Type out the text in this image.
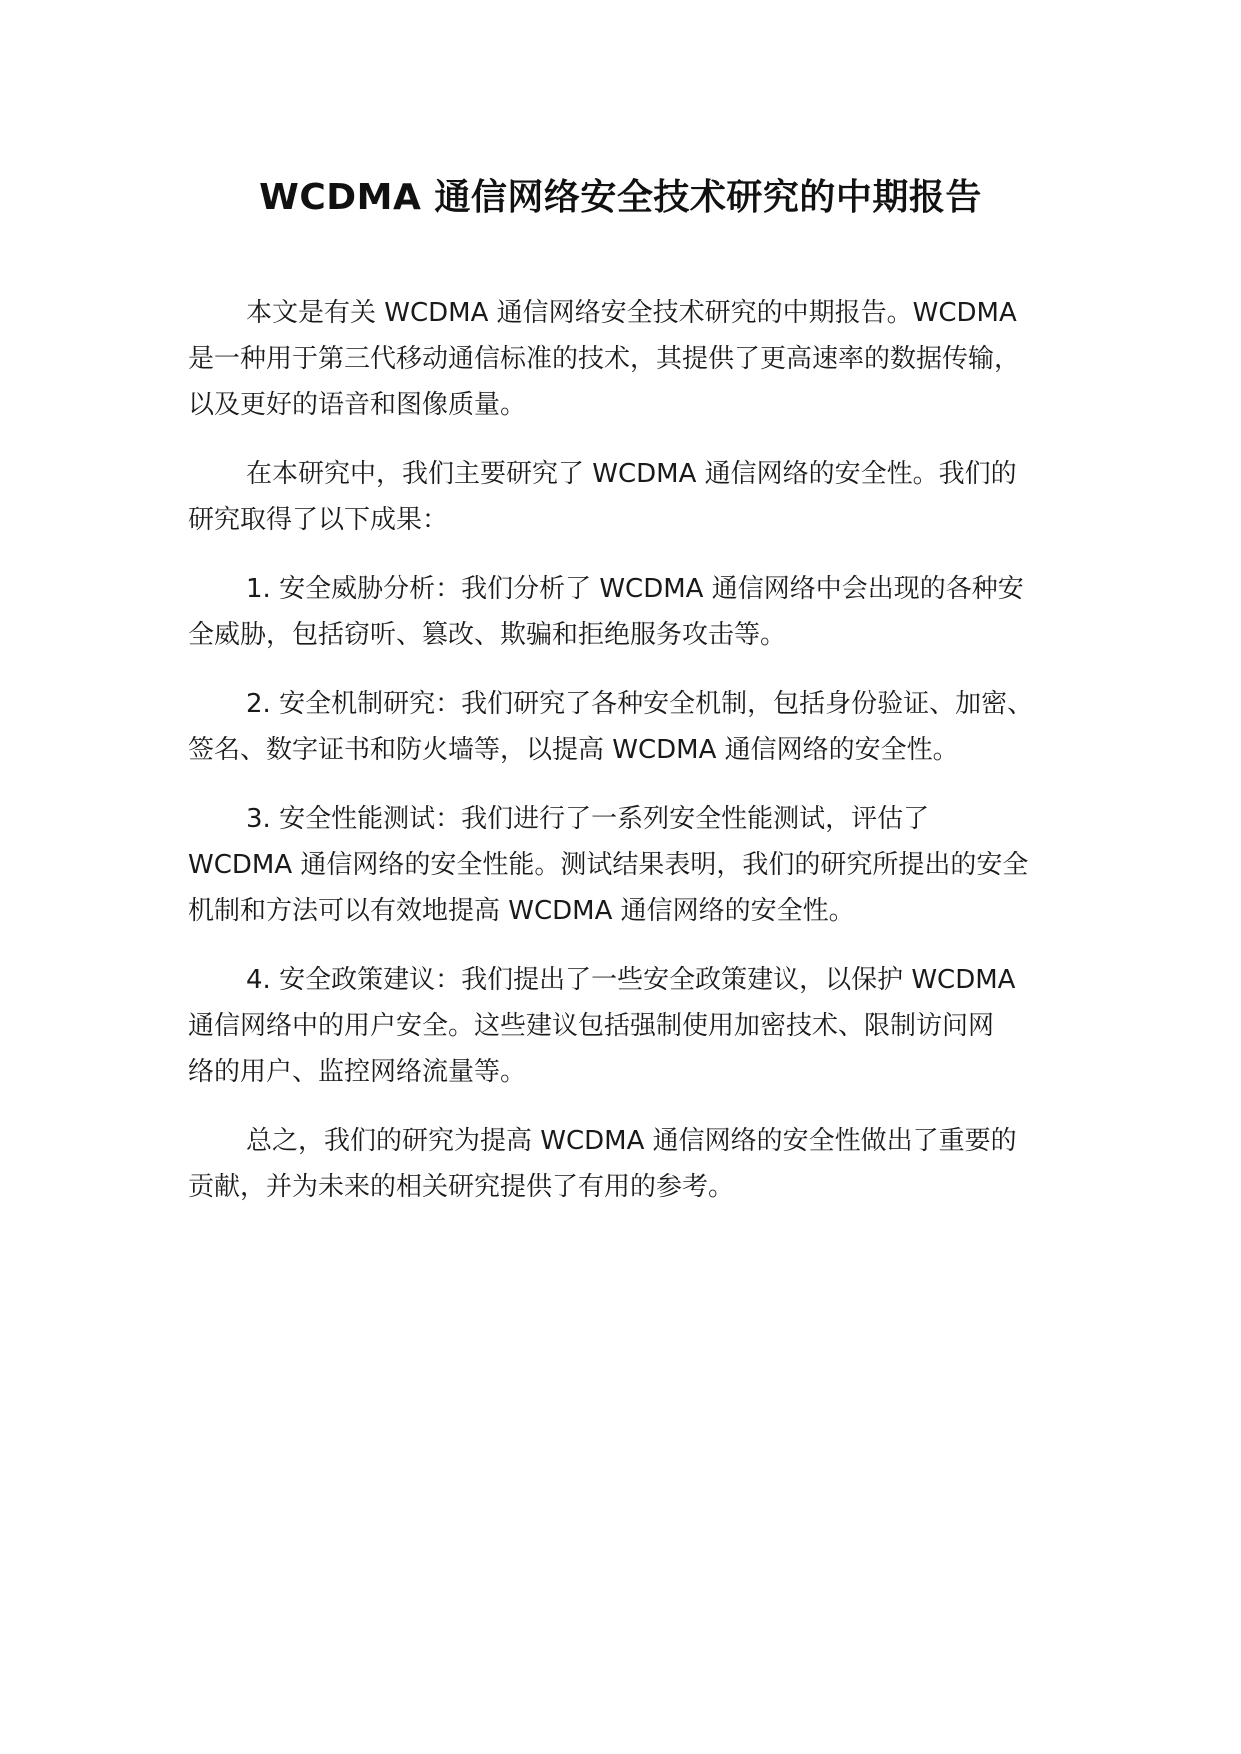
WCDMA 通信网络安全技术研究的中期报告

本文是有关 WCDMA 通信网络安全技术研究的中期报告。WCDMA
是一种用于第三代移动通信标准的技术，其提供了更高速率的数据传输，
以及更好的语音和图像质量。

在本研究中，我们主要研究了 WCDMA 通信网络的安全性。我们的
研究取得了以下成果：

1. 安全威胁分析：我们分析了 WCDMA 通信网络中会出现的各种安
全威胁，包括窃听、篡改、欺骗和拒绝服务攻击等。

2. 安全机制研究：我们研究了各种安全机制，包括身份验证、加密、
签名、数字证书和防火墙等，以提高 WCDMA 通信网络的安全性。

3. 安全性能测试：我们进行了一系列安全性能测试，评估了
WCDMA 通信网络的安全性能。测试结果表明，我们的研究所提出的安全
机制和方法可以有效地提高 WCDMA 通信网络的安全性。

4. 安全政策建议：我们提出了一些安全政策建议，以保护 WCDMA
通信网络中的用户安全。这些建议包括强制使用加密技术、限制访问网
络的用户、监控网络流量等。

总之，我们的研究为提高 WCDMA 通信网络的安全性做出了重要的
贡献，并为未来的相关研究提供了有用的参考。
